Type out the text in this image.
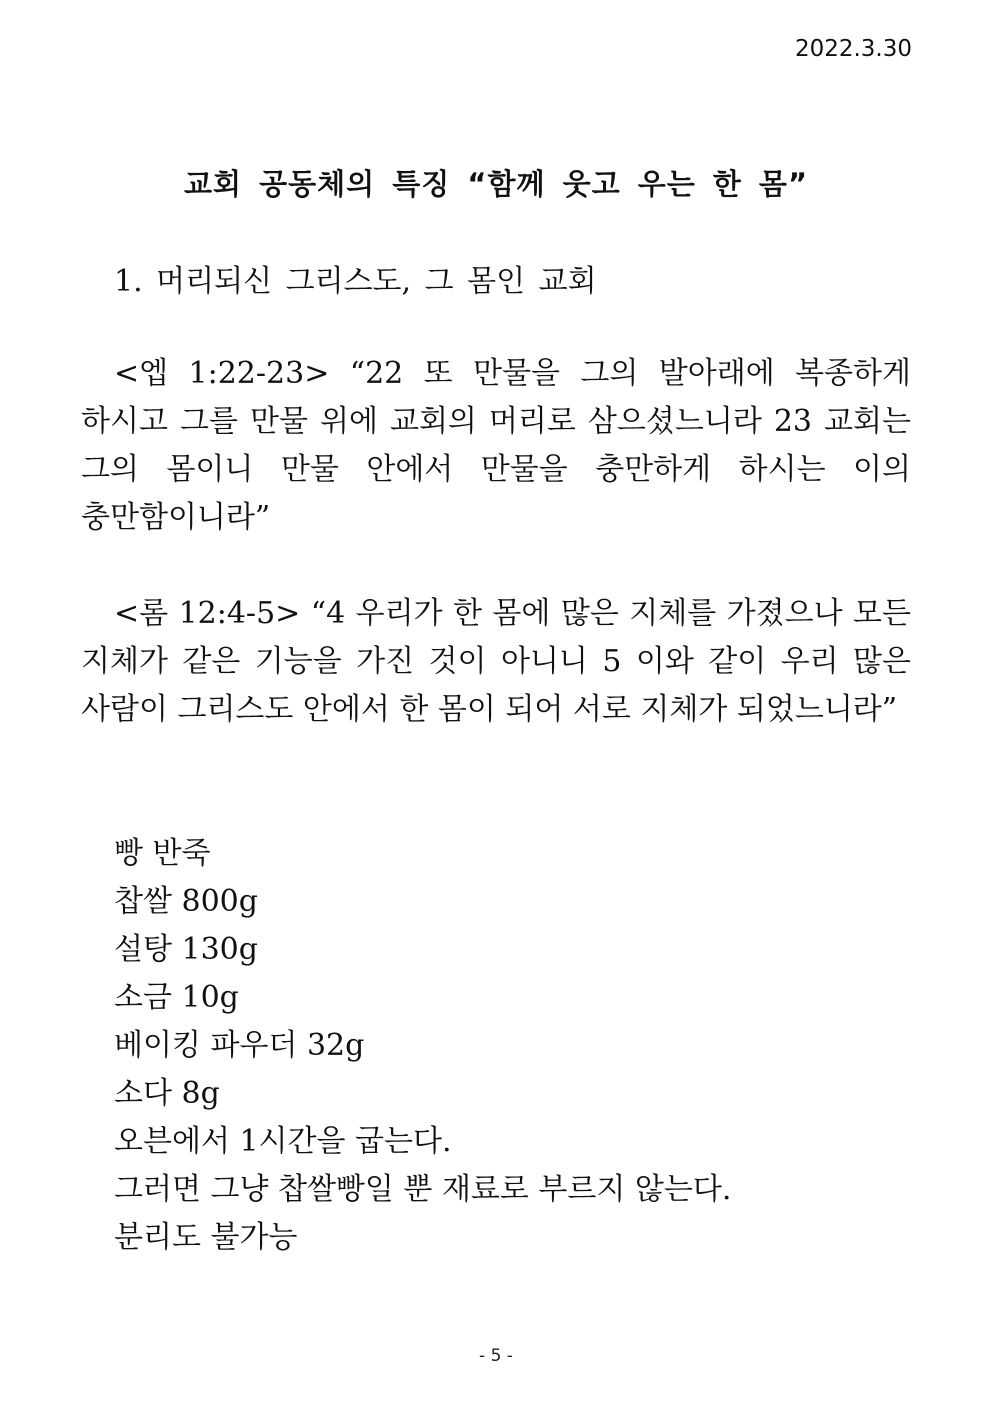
2022.3.30
교회 공동체의 특징 “함께 웃고 우는 한 몸”
1. 머리되신 그리스도, 그 몸인 교회

<엡 1:22-23> “22 또 만물을 그의 발아래에 복종하게 하시고 그를 만물 위에 교회의 머리로 삼으셨느니라 23 교회는 그의 몸이니 만물 안에서 만물을 충만하게 하시는 이의 충만함이니라”

<롬 12:4-5> “4 우리가 한 몸에 많은 지체를 가졌으나 모든 지체가 같은 기능을 가진 것이 아니니 5 이와 같이 우리 많은 사람이 그리스도 안에서 한 몸이 되어 서로 지체가 되었느니라”

빵 반죽
찹쌀 800g
설탕 130g
소금 10g
베이킹 파우더 32g
소다 8g
오븐에서 1시간을 굽는다.
그러면 그냥 찹쌀빵일 뿐 재료로 부르지 않는다.
분리도 불가능
- 5 -
